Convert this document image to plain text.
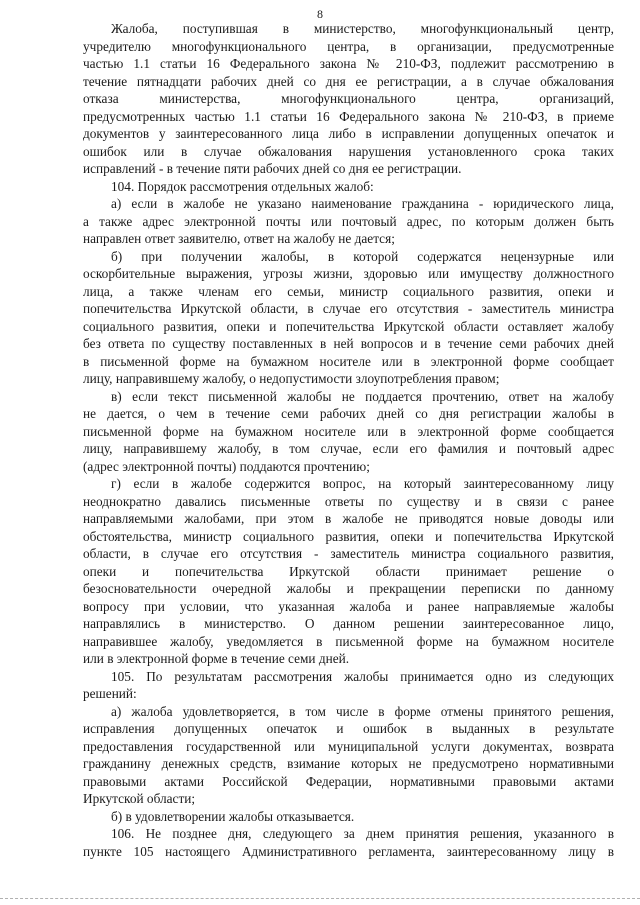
8
Жалоба, поступившая в министерство, многофункциональный центр,
учредителю многофункционального центра, в организации, предусмотренные
частью 1.1 статьи 16 Федерального закона № 210-ФЗ, подлежит рассмотрению в
течение пятнадцати рабочих дней со дня ее регистрации, а в случае обжалования
отказа министерства, многофункционального центра, организаций,
предусмотренных частью 1.1 статьи 16 Федерального закона № 210-ФЗ, в приеме
документов у заинтересованного лица либо в исправлении допущенных опечаток и
ошибок или в случае обжалования нарушения установленного срока таких
исправлений - в течение пяти рабочих дней со дня ее регистрации.
104. Порядок рассмотрения отдельных жалоб:
а) если в жалобе не указано наименование гражданина - юридического лица,
а также адрес электронной почты или почтовый адрес, по которым должен быть
направлен ответ заявителю, ответ на жалобу не дается;
б) при получении жалобы, в которой содержатся нецензурные или
оскорбительные выражения, угрозы жизни, здоровью или имуществу должностного
лица, а также членам его семьи, министр социального развития, опеки и
попечительства Иркутской области, в случае его отсутствия - заместитель министра
социального развития, опеки и попечительства Иркутской области оставляет жалобу
без ответа по существу поставленных в ней вопросов и в течение семи рабочих дней
в письменной форме на бумажном носителе или в электронной форме сообщает
лицу, направившему жалобу, о недопустимости злоупотребления правом;
в) если текст письменной жалобы не поддается прочтению, ответ на жалобу
не дается, о чем в течение семи рабочих дней со дня регистрации жалобы в
письменной форме на бумажном носителе или в электронной форме сообщается
лицу, направившему жалобу, в том случае, если его фамилия и почтовый адрес
(адрес электронной почты) поддаются прочтению;
г) если в жалобе содержится вопрос, на который заинтересованному лицу
неоднократно давались письменные ответы по существу и в связи с ранее
направляемыми жалобами, при этом в жалобе не приводятся новые доводы или
обстоятельства, министр социального развития, опеки и попечительства Иркутской
области, в случае его отсутствия - заместитель министра социального развития,
опеки и попечительства Иркутской области принимает решение о
безосновательности очередной жалобы и прекращении переписки по данному
вопросу при условии, что указанная жалоба и ранее направляемые жалобы
направлялись в министерство. О данном решении заинтересованное лицо,
направившее жалобу, уведомляется в письменной форме на бумажном носителе
или в электронной форме в течение семи дней.
105. По результатам рассмотрения жалобы принимается одно из следующих
решений:
а) жалоба удовлетворяется, в том числе в форме отмены принятого решения,
исправления допущенных опечаток и ошибок в выданных в результате
предоставления государственной или муниципальной услуги документах, возврата
гражданину денежных средств, взимание которых не предусмотрено нормативными
правовыми актами Российской Федерации, нормативными правовыми актами
Иркутской области;
б) в удовлетворении жалобы отказывается.
106. Не позднее дня, следующего за днем принятия решения, указанного в
пункте 105 настоящего Административного регламента, заинтересованному лицу в
